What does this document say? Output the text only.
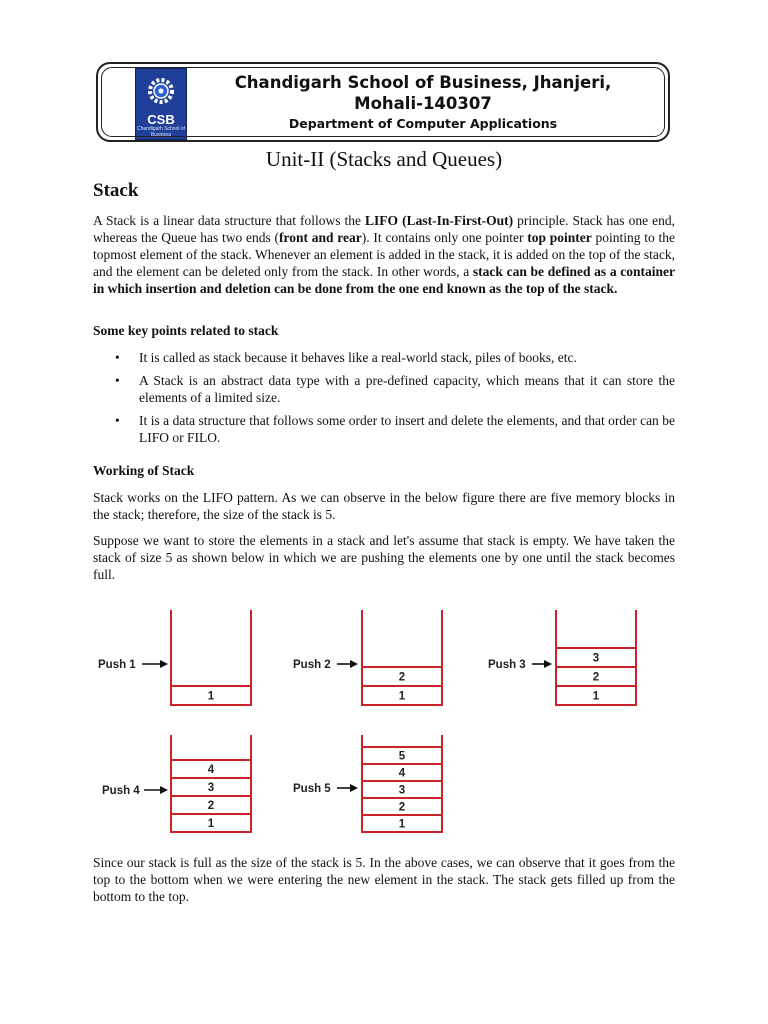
CSB
Chandigarh School of Business
Chandigarh School of Business, Jhanjeri,
Mohali-140307
Department of Computer Applications
Unit-II (Stacks and Queues)
Stack

A Stack is a linear data structure that follows the LIFO (Last-In-First-Out) principle. Stack has one end, whereas the Queue has two ends (front and rear). It contains only one pointer top pointer pointing to the topmost element of the stack. Whenever an element is added in the stack, it is added on the top of the stack, and the element can be deleted only from the stack. In other words, a stack can be defined as a container in which insertion and deletion can be done from the one end known as the top of the stack.

Some key points related to stack
• It is called as stack because it behaves like a real-world stack, piles of books, etc.
• A Stack is an abstract data type with a pre-defined capacity, which means that it can store the elements of a limited size.
• It is a data structure that follows some order to insert and delete the elements, and that order can be LIFO or FILO.
Working of Stack
Stack works on the LIFO pattern. As we can observe in the below figure there are five memory blocks in the stack; therefore, the size of the stack is 5.
Suppose we want to store the elements in a stack and let's assume that stack is empty. We have taken the stack of size 5 as shown below in which we are pushing the elements one by one until the stack becomes full.
1
Push 1
1
2
Push 2
1
2
3
Push 3
1
2
3
4
Push 4
1
2
3
4
5
Push 5
Since our stack is full as the size of the stack is 5. In the above cases, we can observe that it goes from the top to the bottom when we were entering the new element in the stack. The stack gets filled up from the bottom to the top.
